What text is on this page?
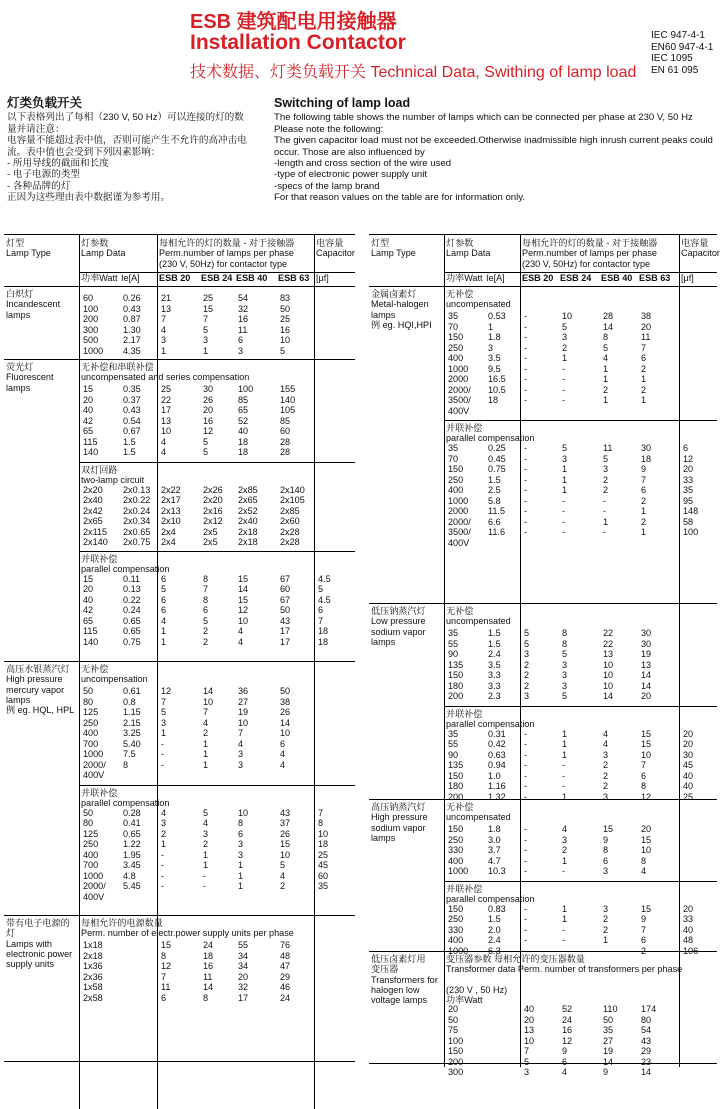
ESB 建筑配电用接触器
Installation Contactor
技术数据、灯类负载开关 Technical Data, Swithing of lamp load
IEC 947-4-1
EN60 947-4-1
IEC 1095
EN 61 095
灯类负载开关

以下表格列出了每相（230 V, 50 Hz）可以连接的灯的数量并请注意：
电容量不能超过表中值，否则可能产生不允许的高冲击电流。表中值也会受到下列因素影响：
- 所用导线的截面和长度
- 电子电源的类型
- 各种品牌的灯
正因为这些理由表中数据谨为参考用。

Switching of lamp load

The following table shows the number of lamps which can be connected per phase at 230 V, 50 Hz
Please note the following:
The given capacitor load must not be exceeded.Otherwise inadmissible high inrush current peaks could occur. Those are also influenced by
-length and cross section of the wire used
-type of electronic power supply unit
-specs of the lamp brand
For that reason values on the table are for information only.

灯型
Lamp Type
灯参数
Lamp Data
每相允许的灯的数量 - 对于接触器
Perm.number of lamps per phase
(230 V, 50Hz) for contactor type
电容量
Capacitor
功率Watt Ie[A] ESB 20 ESB 24 ESB 40 ESB 63 [μf]
白炽灯
Incandescent
lamps
60	0.26 21	25	54	83
100	0.43 13	15	32	50
200	0.87 7	7	16	25
300	1.30 4	5	11	16
500	2.17 3	3	6	10
1000 4.35 1	1	3	5
荧光灯
Fluorescent
lamps
无补偿和串联补偿
uncompensated and series compensation
15	0.35 25	30	100	155
20	0.37 22	26	85	140
40	0.43 17	20	65	105
42	0.54 13	16	52	85
65	0.67 10	12	40	60
115	1.5	4	5	18	28
140	1.5	4	5	18	28
双灯回路
two-lamp circuit
2x20 2x0.13 2x22 2x26 2x85 2x140
2x40 2x0.22 2x17 2x20 2x65 2x105
2x42 2x0.24 2x13 2x16 2x52 2x85
2x65 2x0.34 2x10 2x12 2x40 2x60
2x115 2x0.65 2x4	2x5 2x18 2x28
2x140 2x0.75 2x4	2x5 2x18 2x28
并联补偿
parallel compensation
15	0.11 6	8	15	67	4.5
20	0.13 5	7	14	60	5
40	0.22 6	8	15	67	4.5
42	0.24 6	6	12	50	6
65	0.65 4	5	10	43	7
115	0.65 1	2	4	17	18
140	0.75 1	2	4	17	18
高压水银蒸汽灯
High pressure
mercury vapor
lamps
例 eg. HQL, HPL
无补偿
uncompensation
50	0.61 12	14	36	50
80	0.8	7	10	27	38
125	1.15 5	7	19	26
250	2.15 3	4	10	14
400	3.25 1	2	7	10
700	5.40 -	1	4	6
1000 7.5	-	1	3	4
2000/ 8	-	1	3	4
400V
并联补偿
parallel compensation
50	0.28 4	5	10	43	7
80	0.41 3	4	8	37	8
125	0.65 2	3	6	26	10
250	1.22 1	2	3	15	18
400	1.95 -	1	3	10	25
700	3.45 -	1	1	5	45
1000 4.8	-	-	1	4	60
2000/ 5.45 -	-	1	2	35
400V
带有电子电源的灯
Lamps with
electronic power
supply units
每相允许的电源数量
Perm. number of electr.power supply units per phase
1x18	15	24	55	76
2x18	8	18	34	48
1x36	12	16	34	47
2x36	7	11	20	29
1x58	11	14	32	46
2x58	6	8	17	24
灯型
Lamp Type
灯参数
Lamp Data
每相允许的灯的数量 - 对于接触器
Perm.number of lamps per phase
(230 V, 50Hz) for contactor type
电容量
Capacitor
功率Watt Ie[A] ESB 20 ESB 24 ESB 40 ESB 63 [μf]
金属卤素灯
Metal-halogen
lamps
例 eg. HQI,HPI
无补偿
uncompensated
35	0.53 -	10	28	38
70	1	-	5	14	20
150	1.8	-	3	8	11
250	3	-	2	5	7
400	3.5	-	1	4	6
1000 9.5	-	-	1	2
2000 16.5 -	-	1	1
2000/ 10.5 -	-	2	2
3500/ 18	-	-	1	1
400V
并联补偿
parallel compensation
35	0.25 -	5	11	30	6
70	0.45 -	3	5	18	12
150	0.75 -	1	3	9	20
250	1.5	-	1	2	7	33
400	2.5	-	1	2	6	35
1000 5.8	-	-	-	2	95
2000 11.5 -	-	-	1	148
2000/ 6.6	-	-	1	2	58
3500/ 11.6 -	-	-	1	100
400V
低压钠蒸汽灯
Low pressure
sodium vapor
lamps
无补偿
uncompensated
35	1.5	5	8	22	30
55	1.5	5	8	22	30
90	2.4	3	5	13	19
135	3.5	2	3	10	13
150	3.3	2	3	10	14
180	3.3	2	3	10	14
200	2.3	3	5	14	20
并联补偿
parallel compensation
35	0.31 -	1	4	15	20
55	0.42 -	1	4	15	20
90	0.63 -	1	3	10	30
135	0.94 -	-	2	7	45
150	1.0	-	-	2	6	40
180	1.16 -	-	2	8	40
200	1.32 -	1	3	12	25
高压钠蒸汽灯
High pressure
sodium vapor
lamps
无补偿
uncompensated
150	1.8	-	4	15	20
250	3.0	-	3	9	15
330	3.7	-	2	8	10
400	4.7	-	1	6	8
1000 10.3 -	-	3	4
并联补偿
parallel compensation
150	0.83 -	1	3	15	20
250	1.5	-	1	2	9	33
330	2.0	-	-	2	7	40
400	2.4	-	-	1	6	48
1000 6.3	-	-	-	2	106
低压卤素灯用
变压器
Transformers for
halogen low
voltage lamps
变压器参数 每相允许的变压器数量
Transformer data Perm. number of transformers per phase

(230 V , 50 Hz)
功率Watt
20	40	52	110	174
50	20	24	50	80
75	13	16	35	54
100	10	12	27	43
150	7	9	19	29
200	5	6	14	23
300	3	4	9	14
